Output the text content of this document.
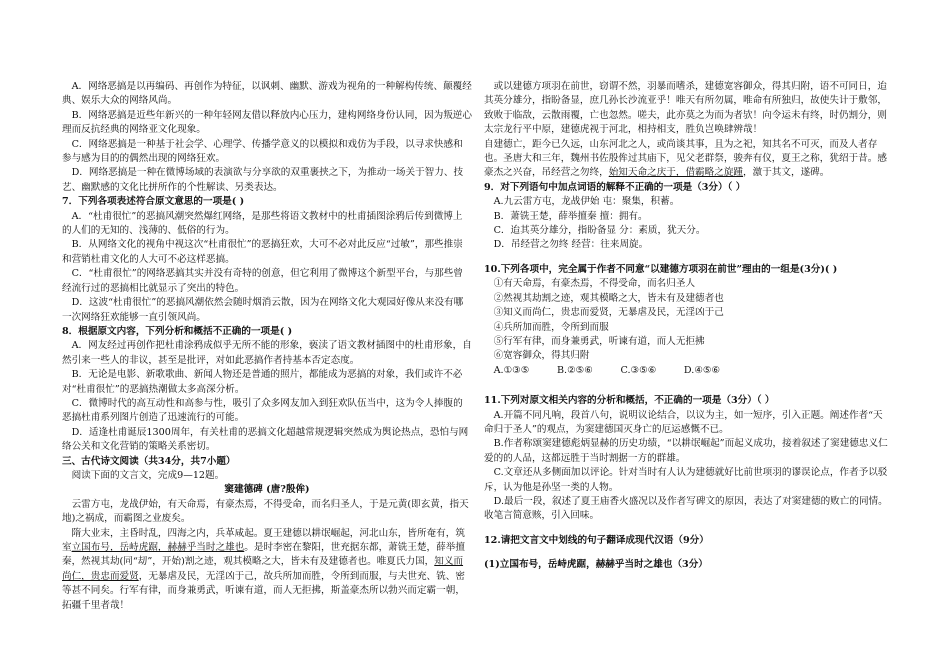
A．网络恶搞是以再编码、再创作为特征，以讽刺、幽默、游戏为视角的一种解构传统、颠覆经典、娱乐大众的网络风尚。

B．网络恶搞是近些年新兴的一种年轻网友借以释放内心压力，建构网络身份认同，因为叛逆心理而反抗经典的网络亚文化现象。

C．网络恶搞是一种基于社会学、心理学、传播学意义的以模拟和戏仿为手段，以寻求快感和参与感为目的的偶然出现的网络狂欢。

D．网络恶搞是一种在微博场域的表演欲与分享欲的双重裹挟之下，为推动一场关于智力、技艺、幽默感的文化比拼所作的个性解读、另类表达。

7．下列各项表述符合原文意思的一项是( )

A．“杜甫很忙”的恶搞风潮突然爆红网络，是那些将语文教材中的杜甫插图涂鸦后传到微博上的人们的无知的、浅薄的、低俗的行为。

B．从网络文化的视角中视这次“杜甫很忙”的恶搞狂欢，大可不必对此反应“过敏”，那些推崇和营销杜甫文化的人大可不必这样恶搞。

C．“杜甫很忙”的网络恶搞其实并没有奇特的创意，但它利用了微博这个新型平台，与那些曾经流行过的恶搞相比就显示了突出的特色。

D．这波“杜甫很忙”的恶搞风潮依然会随时烟消云散，因为在网络文化大观园好像从来没有哪一次网络狂欢能够一直引领风尚。

8．根据原文内容，下列分析和概括不正确的一项是( )

A．网友经过再创作把杜甫涂鸦成似乎无所不能的形象，亵渎了语文教材插图中的杜甫形象，自然引来一些人的非议，甚至是批评，对如此恶搞作者持基本否定态度。

B．无论是电影、新歌歌曲、新闻人物还是普通的照片，都能成为恶搞的对象，我们或许不必对“杜甫很忙”的恶搞热潮做太多高深分析。

C．微博时代的高互动性和高参与性，吸引了众多网友加入到狂欢队伍当中，这为令人捧腹的恶搞杜甫系列图片创造了迅速流行的可能。

D．适逢杜甫诞辰1300周年，有关杜甫的恶搞文化超越常规逻辑突然成为舆论热点，恐怕与网络公关和文化营销的策略关系密切。

三、古代诗文阅读（共34分，共7小题）

阅读下面的文言文，完成9—12题。

窦建德碑 (唐?殷侔)

云雷方屯，龙战伊始，有天命焉，有豪杰焉，不得受命，而名归圣人，于是元黄(即玄黄，指天地)之祸成，而霸图之业废矣。

隋大业末，主昏时乱，四海之内，兵革咸起。夏王建德以耕氓崛起，河北山东，皆所奄有，筑室立国布号，岳峙虎踞，赫赫乎当时之雄也。是时李密在黎阳，世充据东都，萧铣王楚，薛举擅秦，然视其劫(同“刧”，开始)割之迹，观其模略之大，皆未有及建德者也。唯夏氏力国，知义而尚仁，贵忠而爱贤，无暴虐及民，无淫凶于己，故兵所加而胜，令所到而服，与夫世充、铣、密等甚不同矣。行军有律，而身兼勇武，听谏有道，而人无拒拂，斯盖豪杰所以勃兴而定霸一朝，拓疆千里者哉！

或以建德方项羽在前世，窃谓不然，羽暴而嗜杀，建德宽容御众，得其归附，语不可同日，迨其英分雄分，指盼备显，庶几孙长沙流亚乎！唯天有所勿属，唯命有所独归，故使失计于敷邻，致败于临敌，云散雨覆，亡也忽然。嗟夫，此亦莫之为而为者欤！向令运未有终，时仍割分，则太宗龙行平中原，建德虎视于河北，相持相支，胜负岂唤肆辨哉！

自建德亡，距今已久远，山东河北之人，或尚谈其事，且为之祀，知其名不可灭，而及人者存也。圣唐大和三年，魏州书佐殷侔过其庙下，见父老群祭，骏奔有仪，夏王之称，犹绍于昔。感豪杰之兴奋，吊经营之勿终，始知天命之庆于，借霸略之旋踵，激于其文，遂碑。

9．对下列语句中加点词语的解释不正确的一项是（3分）（ ）

A.九云雷方屯，龙战伊始 屯：聚集，积蓄。

B．萧铣王楚，薛举擅秦 擅：拥有。

C．迨其英分雄分，指盼备显 分：素质，犹天分。

D．吊经营之勿终 经营：往来周旋。

10.下列各项中，完全属于作者不同意“以建德方项羽在前世”理由的一组是(3分)( )

①有天命焉，有豪杰焉，不得受命，而名归圣人

②然视其劫割之迹，观其模略之大，皆未有及建德者也

③知义而尚仁，贵忠而爱贤，无暴虐及民，无淫凶于己

④兵所加而胜，令所到而服

⑤行军有律，而身兼勇武，听谏有道，而人无拒拂

⑥宽容御众，得其归附

A.①③⑤	B.②⑤⑥	C.③⑤⑥	D.④⑤⑥

11.下列对原文相关内容的分析和概括，不正确的一项是（3分）（ ）

A.开篇不同凡响，段首八句，说明议论结合，以议为主，如一短序，引入正题。阐述作者“天命归于圣人”的观点，为窦建德国灭身亡的厄运感慨不已。

B.作者称颂窦建德彪炳显赫的历史功绩，“以耕氓崛起”而起义成功，接着叙述了窦建德忠义仁爱的的人品，这都远胜于当时割据一方的群雄。

C.文章还从多侧面加以评论。针对当时有人认为建德就好比前世项羽的谬误论点，作者予以驳斥，认为他是孙坚一类的人物。

D.最后一段，叙述了夏王庙香火盛况以及作者写碑文的原因，表达了对窦建德的败亡的同情。收笔言简意赅，引入回味。

12.请把文言文中划线的句子翻译成现代汉语（9分）

(1)立国布号，岳峙虎踞，赫赫乎当时之雄也（3分）
